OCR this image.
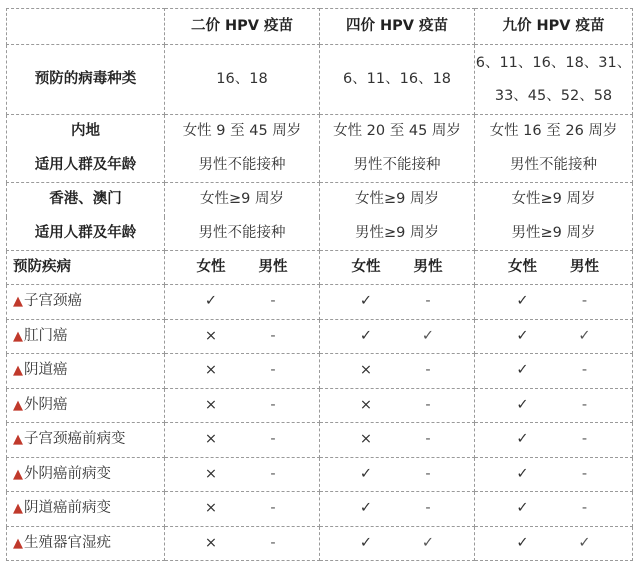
	二价 HPV 疫苗	四价 HPV 疫苗	九价 HPV 疫苗
预防的病毒种类	16、18	6、11、16、18	6、11、16、18、31、
33、45、52、58

内地	女性 9 至 45 周岁	女性 20 至 45 周岁	女性 16 至 26 周岁
适用人群及年龄	男性不能接种	男性不能接种	男性不能接种
香港、澳门	女性≥9 周岁	女性≥9 周岁	女性≥9 周岁
适用人群及年龄	男性不能接种	男性≥9 周岁	男性≥9 周岁
预防疾病	女性 男性	女性 男性	女性 男性

▲子宫颈癌	✓ -	✓ -	✓ -

▲肛门癌	× -	✓ ✓	✓ ✓

▲阴道癌	× -	× -	✓ -

▲外阴癌	× -	× -	✓ -

▲子宫颈癌前病变	× -	× -	✓ -

▲外阴癌前病变	× -	✓ -	✓ -

▲阴道癌前病变	× -	✓ -	✓ -

▲生殖器官湿疣	× -	✓ ✓	✓ ✓
